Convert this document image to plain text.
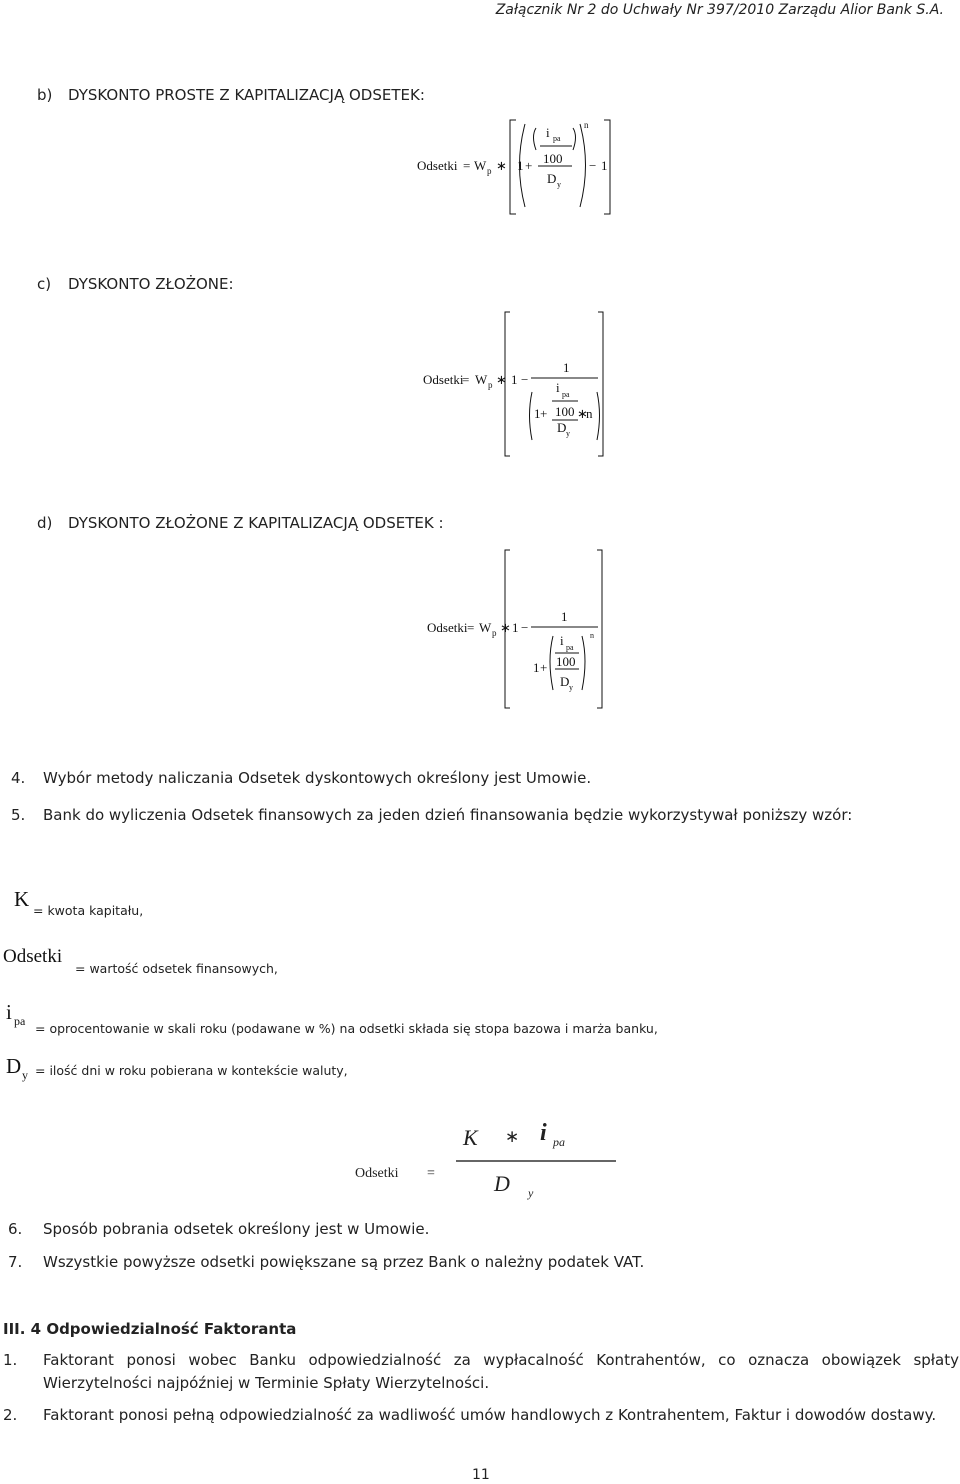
Załącznik Nr 2 do Uchwały Nr 397/2010 Zarządu Alior Bank S.A.
b) DYSKONTO PROSTE Z KAPITALIZACJĄ ODSETEK:
Odsetki = W p ∗ 1 +
i pa
100
D y
n
− 1
Odsetki
= W p ∗ 1 −
1
i pa
100
1 + ∗
n
D y
Odsetki = W p ∗ 1 −
1
n
i pa
100
1 +
D y
Odsetki =
K ∗ i pa
D y
c) DYSKONTO ZŁOŻONE:
d) DYSKONTO ZŁOŻONE Z KAPITALIZACJĄ ODSETEK :
4. Wybór metody naliczania Odsetek dyskontowych określony jest Umowie.
5. Bank do wyliczenia Odsetek finansowych za jeden dzień finansowania będzie wykorzystywał poniższy wzór:
K = kwota kapitału,
Odsetki
= wartość odsetek finansowych,
i pa = oprocentowanie w skali roku (podawane w %) na odsetki składa się stopa bazowa i marża banku,
D y = ilość dni w roku pobierana w kontekście waluty,
6. Sposób pobrania odsetek określony jest w Umowie.
7. Wszystkie powyższe odsetki powiększane są przez Bank o należny podatek VAT.
III. 4 Odpowiedzialność Faktoranta
1. Faktorant ponosi wobec Banku odpowiedzialność za wypłacalność Kontrahentów, co oznacza obowiązek spłaty Wierzytelności najpóźniej w Terminie Spłaty Wierzytelności.
2. Faktorant ponosi pełną odpowiedzialność za wadliwość umów handlowych z Kontrahentem, Faktur i dowodów dostawy.
11
